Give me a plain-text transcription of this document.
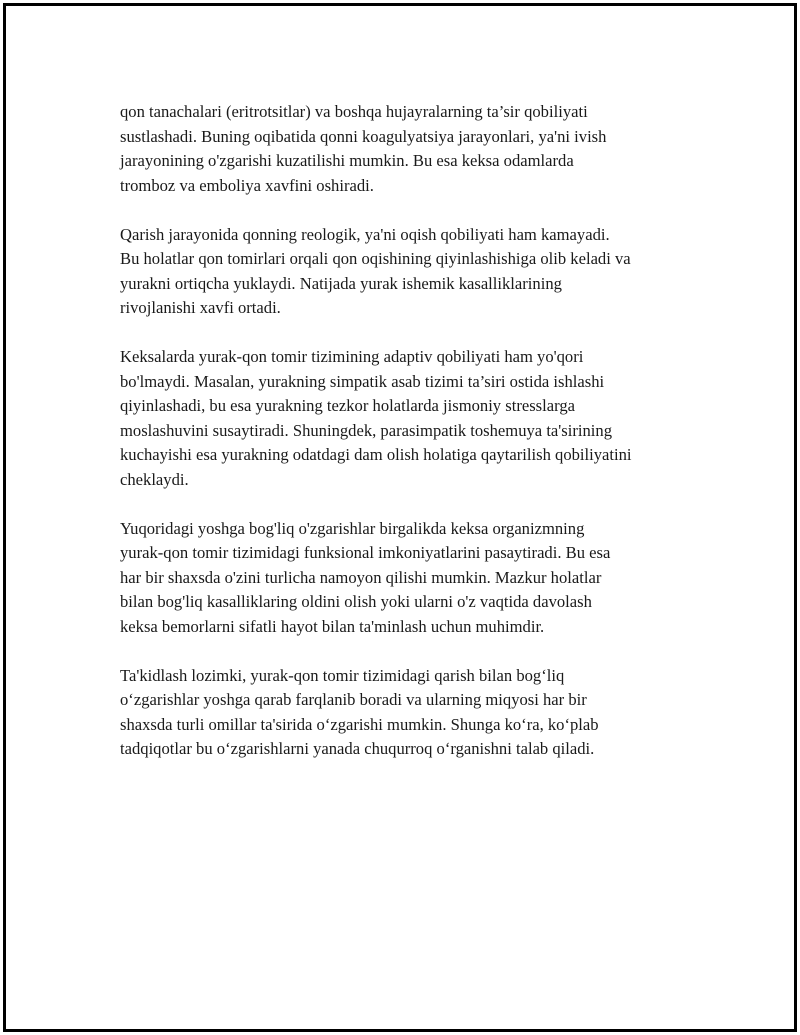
qon tanachalari (eritrotsitlar) va boshqa hujayralarning ta’sir qobiliyati
sustlashadi. Buning oqibatida qonni koagulyatsiya jarayonlari, ya'ni ivish
jarayonining o'zgarishi kuzatilishi mumkin. Bu esa keksa odamlarda
tromboz va emboliya xavfini oshiradi.

Qarish jarayonida qonning reologik, ya'ni oqish qobiliyati ham kamayadi.
Bu holatlar qon tomirlari orqali qon oqishining qiyinlashishiga olib keladi va
yurakni ortiqcha yuklaydi. Natijada yurak ishemik kasalliklarining
rivojlanishi xavfi ortadi.

Keksalarda yurak-qon tomir tizimining adaptiv qobiliyati ham yo'qori
bo'lmaydi. Masalan, yurakning simpatik asab tizimi ta’siri ostida ishlashi
qiyinlashadi, bu esa yurakning tezkor holatlarda jismoniy stresslarga
moslashuvini susaytiradi. Shuningdek, parasimpatik toshemuya ta'sirining
kuchayishi esa yurakning odatdagi dam olish holatiga qaytarilish qobiliyatini
cheklaydi.

Yuqoridagi yoshga bog'liq o'zgarishlar birgalikda keksa organizmning
yurak-qon tomir tizimidagi funksional imkoniyatlarini pasaytiradi. Bu esa
har bir shaxsda o'zini turlicha namoyon qilishi mumkin. Mazkur holatlar
bilan bog'liq kasalliklaring oldini olish yoki ularni o'z vaqtida davolash
keksa bemorlarni sifatli hayot bilan ta'minlash uchun muhimdir.

Ta'kidlash lozimki, yurak-qon tomir tizimidagi qarish bilan bog‘liq
o‘zgarishlar yoshga qarab farqlanib boradi va ularning miqyosi har bir
shaxsda turli omillar ta'sirida o‘zgarishi mumkin. Shunga ko‘ra, ko‘plab
tadqiqotlar bu o‘zgarishlarni yanada chuqurroq o‘rganishni talab qiladi.
